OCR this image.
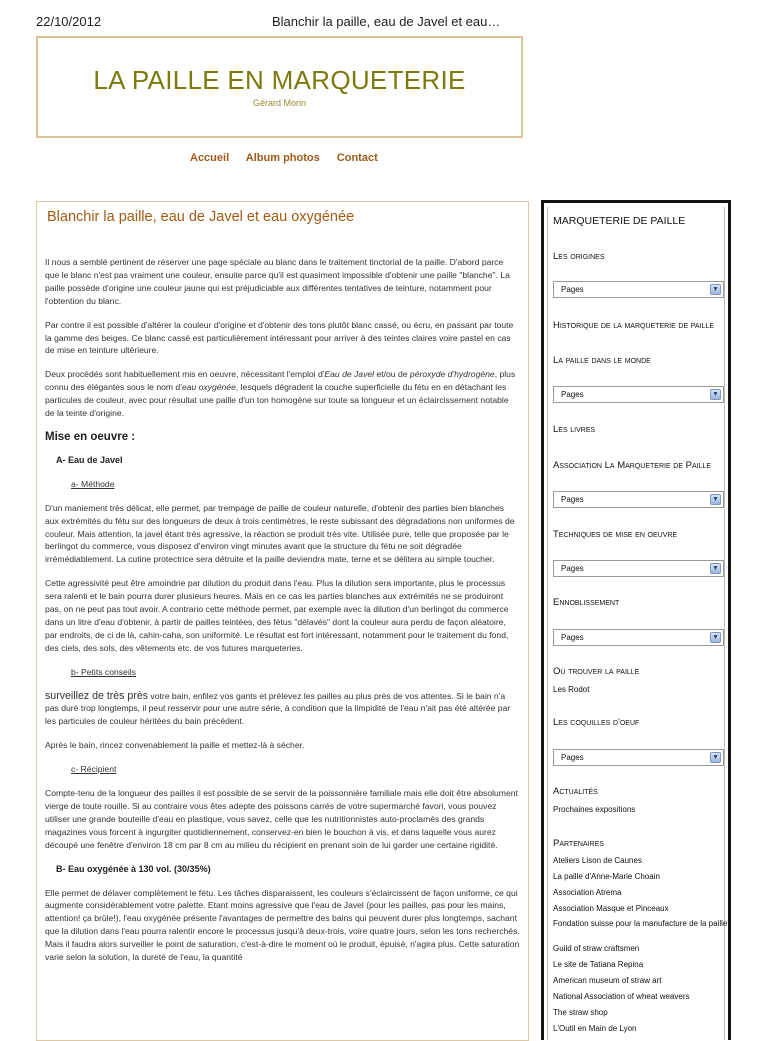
22/10/2012	Blanchir la paille, eau de Javel et eau…
LA PAILLE EN MARQUETERIE
Gérard Morin
Accueil Album photos Contact
Blanchir la paille, eau de Javel et eau oxygénée

Il nous a semblé pertinent de réserver une page spéciale au blanc dans le traitement tinctorial de la paille. D'abord parce que le blanc n'est pas vraiment une couleur, ensuite parce qu'il est quasiment impossible d'obtenir une paille "blanche". La paille possède d'origine une couleur jaune qui est préjudiciable aux différentes tentatives de teinture, notamment pour l'obtention du blanc.

Par contre il est possible d'altérer la couleur d'origine et d'obtenir des tons plutôt blanc cassé, ou écru, en passant par toute la gamme des beiges. Ce blanc cassé est particulièrement intéressant pour arriver à des teintes claires voire pastel en cas de mise en teinture ultérieure.

Deux procédés sont habituellement mis en oeuvre, nécessitant l'emploi d'Eau de Javel et/ou de péroxyde d'hydrogène, plus connu des élégantes sous le nom d'eau oxygénée, lesquels dégradent la couche superficielle du fétu en en détachant les particules de couleur, avec pour résultat une paille d'un ton homogène sur toute sa longueur et un éclaircissement notable de la teinte d'origine.

Mise en oeuvre :
A- Eau de Javel
a- Méthode

D'un maniement très délicat, elle permet, par trempage de paille de couleur naturelle, d'obtenir des parties bien blanches aux extrémités du fétu sur des longueurs de deux à trois centimètres, le reste subissant des dégradations non uniformes de couleur. Mais attention, la javel étant très agressive, la réaction se produit très vite. Utilisée pure, telle que proposée par le berlingot du commerce, vous disposez d'environ vingt minutes avant que la structure du fétu ne soit dégradée irrémédiablement. La cutine protectrice sera détruite et la paille deviendra mate, terne et se délitera au simple toucher.

Cette agressivité peut être amoindrie par dilution du produit dans l'eau. Plus la dilution sera importante, plus le processus sera ralenti et le bain pourra durer plusieurs heures. Mais en ce cas les parties blanches aux extrémités ne se produiront pas, on ne peut pas tout avoir. A contrario cette méthode permet, par exemple avec la dilution d'un berlingot du commerce dans un litre d'eau d'obtenir, à partir de pailles teintées, des fétus "délavés" dont la couleur aura perdu de façon aléatoire, par endroits, de ci de là, cahin-caha, son uniformité. Le résultat est fort intéressant, notamment pour le traitement du fond, des ciels, des sols, des vêtements etc. de vos futures marqueteries.

b- Petits conseils

surveillez de très près votre bain, enfilez vos gants et prélevez les pailles au plus près de vos attentes. Si le bain n'a pas duré trop longtemps, il peut resservir pour une autre série, à condition que la limpidité de l'eau n'ait pas été altérée par les particules de couleur héritées du bain précédent.

Après le bain, rincez convenablement la paille et mettez-là à sécher.

c- Récipient

Compte-tenu de la longueur des pailles il est possible de se servir de la poissonnière familiale mais elle doit être absolument vierge de toute rouille. Si au contraire vous êtes adepte des poissons carrés de votre supermarché favori, vous pouvez utiliser une grande bouteille d'eau en plastique, vous savez, celle que les nutritionnistes auto-proclamés des grands magazines vous forcent à ingurgiter quotidiennement, conservez-en bien le bouchon à vis, et dans laquelle vous aurez découpé une fenêtre d'environ 18 cm par 8 cm au milieu du récipient en prenant soin de lui garder une certaine rigidité.

B- Eau oxygénée à 130 vol. (30/35%)

Elle permet de délaver complètement le fétu. Les tâches disparaissent, les couleurs s'éclaircissent de façon uniforme, ce qui augmente considérablement votre palette. Etant moins agressive que l'eau de Javel (pour les pailles, pas pour les mains, attention! ça brûle!), l'eau oxygénée présente l'avantages de permettre des bains qui peuvent durer plus longtemps, sachant que la dilution dans l'eau pourra ralentir encore le processus jusqu'à deux-trois, voire quatre jours, selon les tons recherchés. Mais il faudra alors surveiller le point de saturation, c'est-à-dire le moment où le produit, épuisé, n'agira plus. Cette saturation varie selon la solution, la dureté de l'eau, la quantité

MARQUETERIE DE PAILLE
Les origines
Pages	▼
Historique de la marqueterie de paille
La paille dans le monde
Pages	▼
Les livres
Association La Marqueterie de Paille
Pages	▼
Techniques de mise en oeuvre
Pages	▼
Ennoblissement
Pages	▼
Où trouver la paille
Les Rodot
Les coquilles d'oeuf
Pages	▼
Actualités
Prochaines expositions
Partenaires
Ateliers Lison de Caunes
La paille d'Anne-Marie Choain
Association Atrema
Association Masque et Pinceaux
Fondation suisse pour la manufacture de la paille
Guild of straw craftsmen
Le site de Tatiana Repina
American museum of straw art
National Association of wheat weavers
The straw shop
L'Outil en Main de Lyon
